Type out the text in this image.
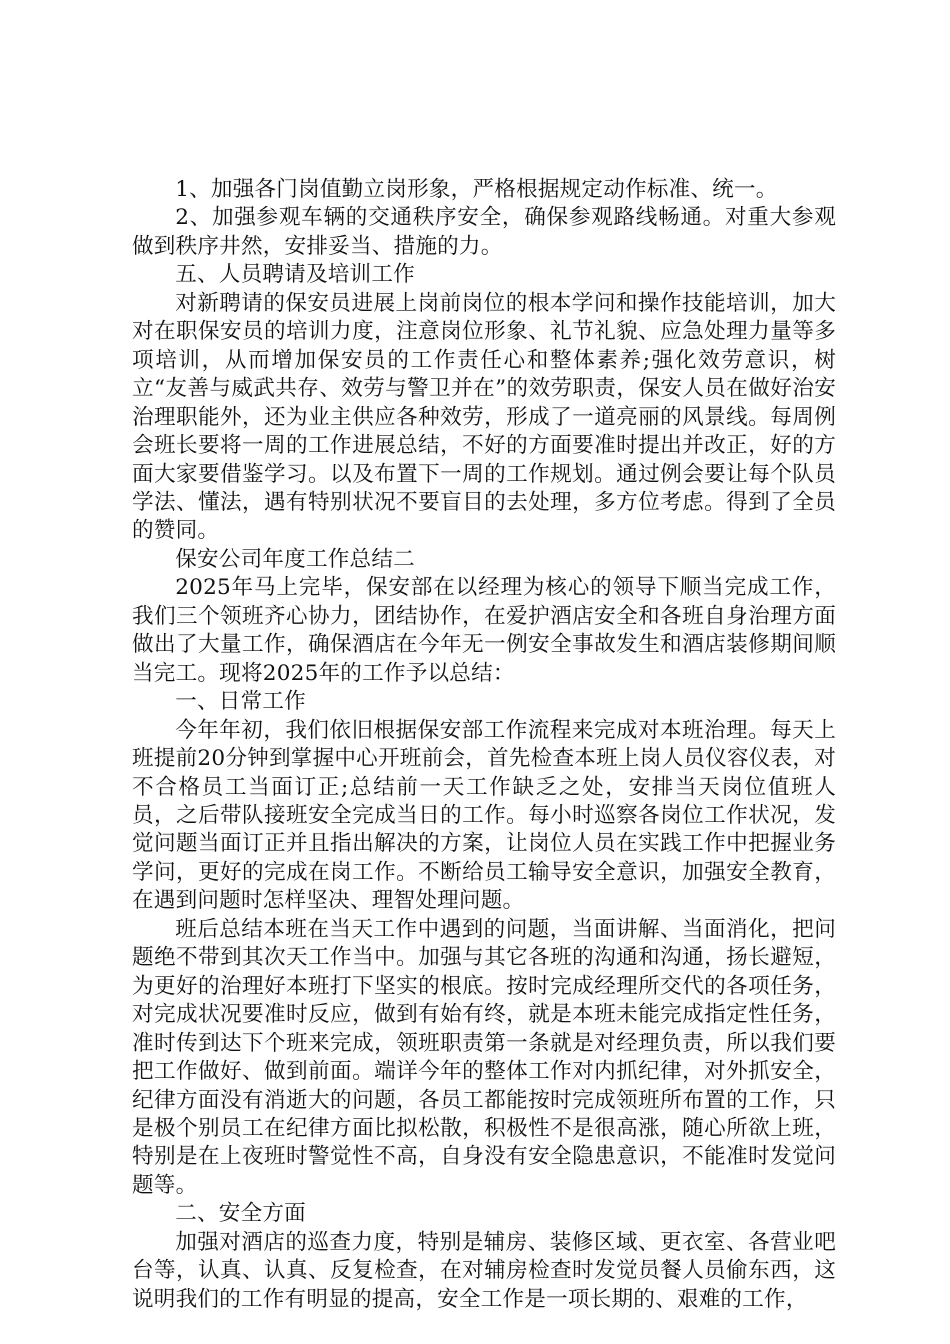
1、加强各门岗值勤立岗形象，严格根据规定动作标准、统一。

2、加强参观车辆的交通秩序安全，确保参观路线畅通。对重大参观做到秩序井然，安排妥当、措施的力。

五、人员聘请及培训工作

对新聘请的保安员进展上岗前岗位的根本学问和操作技能培训，加大对在职保安员的培训力度，注意岗位形象、礼节礼貌、应急处理力量等多项培训，从而增加保安员的工作责任心和整体素养;强化效劳意识，树立“友善与威武共存、效劳与警卫并在”的效劳职责，保安人员在做好治安治理职能外，还为业主供应各种效劳，形成了一道亮丽的风景线。每周例会班长要将一周的工作进展总结，不好的方面要准时提出并改正，好的方面大家要借鉴学习。以及布置下一周的工作规划。通过例会要让每个队员学法、懂法，遇有特别状况不要盲目的去处理，多方位考虑。得到了全员的赞同。

保安公司年度工作总结二

2025年马上完毕，保安部在以经理为核心的领导下顺当完成工作，我们三个领班齐心协力，团结协作，在爱护酒店安全和各班自身治理方面做出了大量工作，确保酒店在今年无一例安全事故发生和酒店装修期间顺当完工。现将2025年的工作予以总结：

一、日常工作

今年年初，我们依旧根据保安部工作流程来完成对本班治理。每天上班提前20分钟到掌握中心开班前会，首先检查本班上岗人员仪容仪表，对不合格员工当面订正;总结前一天工作缺乏之处，安排当天岗位值班人员，之后带队接班安全完成当日的工作。每小时巡察各岗位工作状况，发觉问题当面订正并且指出解决的方案，让岗位人员在实践工作中把握业务学问，更好的完成在岗工作。不断给员工输导安全意识，加强安全教育，在遇到问题时怎样坚决、理智处理问题。

班后总结本班在当天工作中遇到的问题，当面讲解、当面消化，把问题绝不带到其次天工作当中。加强与其它各班的沟通和沟通，扬长避短，为更好的治理好本班打下坚实的根底。按时完成经理所交代的各项任务，对完成状况要准时反应，做到有始有终，就是本班未能完成指定性任务，准时传到达下个班来完成，领班职责第一条就是对经理负责，所以我们要把工作做好、做到前面。端详今年的整体工作对内抓纪律，对外抓安全，纪律方面没有消逝大的问题，各员工都能按时完成领班所布置的工作，只是极个别员工在纪律方面比拟松散，积极性不是很高涨，随心所欲上班，特别是在上夜班时警觉性不高，自身没有安全隐患意识，不能准时发觉问题等。

二、安全方面

加强对酒店的巡查力度，特别是辅房、装修区域、更衣室、各营业吧台等，认真、认真、反复检查，在对辅房检查时发觉员餐人员偷东西，这说明我们的工作有明显的提高，安全工作是一项长期的、艰难的工作，
